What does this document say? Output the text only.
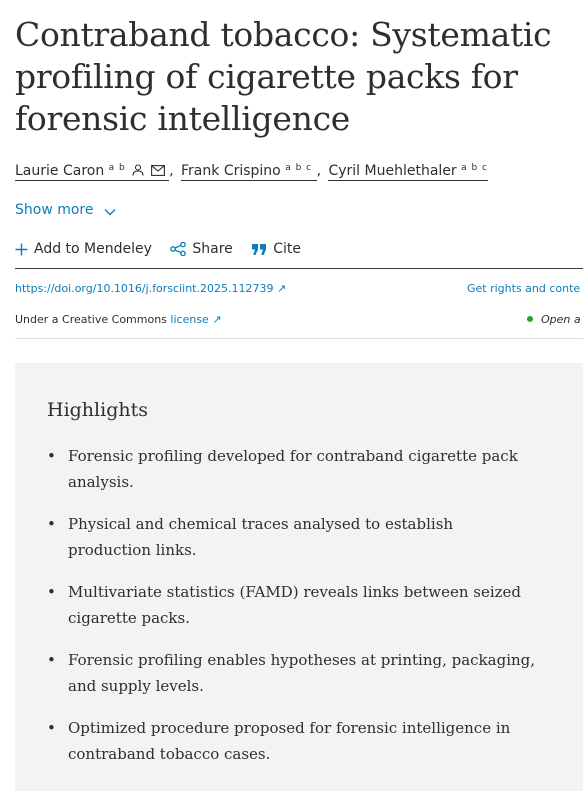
Contraband tobacco: Systematic profiling of cigarette packs for forensic intelligence
Laurie Caron $^{a b}$	, Frank Crispino $^{a b c}$ , Cyril Muehlethaler $^{a b c}$
Show more
Add to Mendeley	Share	Cite
https://doi.org/10.1016/j.forsciint.2025.112739 ↗	Get rights and conte
Under a Creative Commons license ↗	Open a
Highlights
• Forensic profiling developed for contraband cigarette pack analysis.
• Physical and chemical traces analysed to establish production links.
• Multivariate statistics (FAMD) reveals links between seized cigarette packs.
• Forensic profiling enables hypotheses at printing, packaging, and supply levels.
• Optimized procedure proposed for forensic intelligence in contraband tobacco cases.
